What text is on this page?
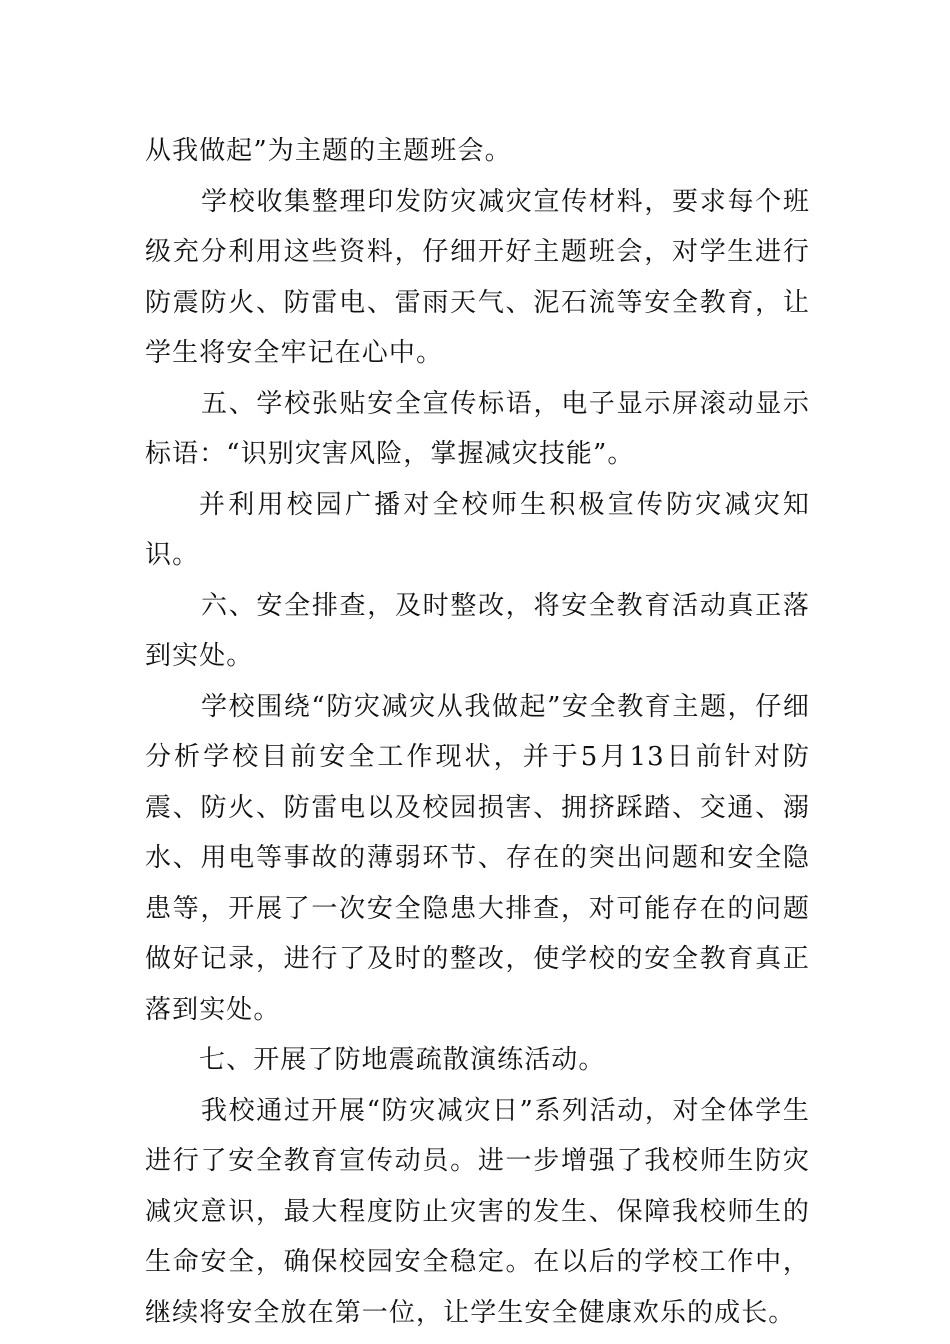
从我做起”为主题的主题班会。

学校收集整理印发防灾减灾宣传材料，要求每个班级充分利用这些资料，仔细开好主题班会，对学生进行防震防火、防雷电、雷雨天气、泥石流等安全教育，让学生将安全牢记在心中。

五、学校张贴安全宣传标语，电子显示屏滚动显示标语：“识别灾害风险，掌握减灾技能”。

并利用校园广播对全校师生积极宣传防灾减灾知识。

六、安全排查，及时整改，将安全教育活动真正落到实处。

学校围绕“防灾减灾从我做起”安全教育主题，仔细分析学校目前安全工作现状，并于5月13日前针对防震、防火、防雷电以及校园损害、拥挤踩踏、交通、溺水、用电等事故的薄弱环节、存在的突出问题和安全隐患等，开展了一次安全隐患大排查，对可能存在的问题做好记录，进行了及时的整改，使学校的安全教育真正落到实处。

七、开展了防地震疏散演练活动。

我校通过开展“防灾减灾日”系列活动，对全体学生进行了安全教育宣传动员。进一步增强了我校师生防灾减灾意识，最大程度防止灾害的发生、保障我校师生的生命安全，确保校园安全稳定。在以后的学校工作中，继续将安全放在第一位，让学生安全健康欢乐的成长。
